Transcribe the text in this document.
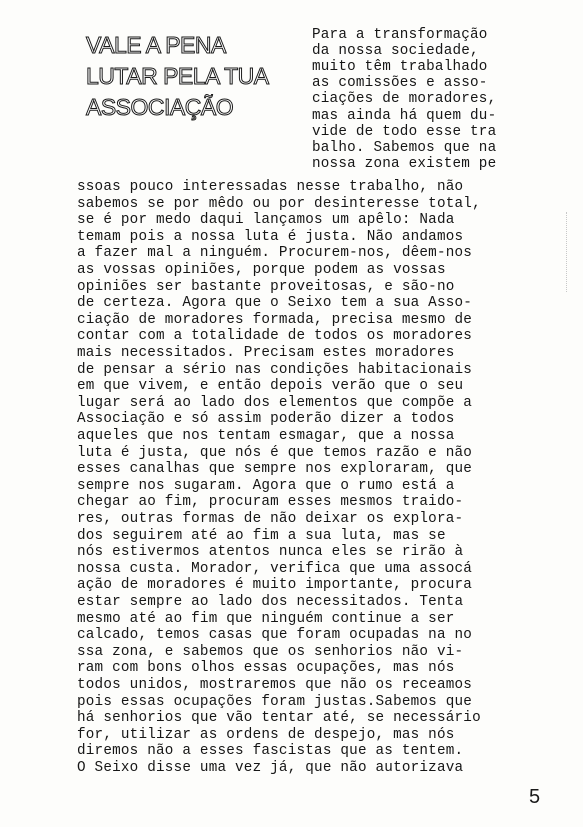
VALE A PENA
LUTAR PELA TUA
ASSOCIAÇÃO
Para a transformação
da nossa sociedade,
muito têm trabalhado
as comissões e asso-
ciações de moradores,
mas ainda há quem du-
vide de todo esse tra
balho. Sabemos que na
nossa zona existem pe
ssoas pouco interessadas nesse trabalho, não
sabemos se por mêdo ou por desinteresse total,
se é por medo daqui lançamos um apêlo: Nada
temam pois a nossa luta é justa. Não andamos
a fazer mal a ninguém. Procurem-nos, dêem-nos
as vossas opiniões, porque podem as vossas
opiniões ser bastante proveitosas, e são-no
de certeza. Agora que o Seixo tem a sua Asso-
ciação de moradores formada, precisa mesmo de
contar com a totalidade de todos os moradores
mais necessitados. Precisam estes moradores
de pensar a sério nas condições habitacionais
em que vivem, e então depois verão que o seu
lugar será ao lado dos elementos que compõe a
Associação e só assim poderão dizer a todos
aqueles que nos tentam esmagar, que a nossa
luta é justa, que nós é que temos razão e não
esses canalhas que sempre nos exploraram, que
sempre nos sugaram. Agora que o rumo está a
chegar ao fim, procuram esses mesmos traido-
res, outras formas de não deixar os explora-
dos seguirem até ao fim a sua luta, mas se
nós estivermos atentos nunca eles se rirão à
nossa custa. Morador, verifica que uma assocá
ação de moradores é muito importante, procura
estar sempre ao lado dos necessitados. Tenta
mesmo até ao fim que ninguém continue a ser
calcado, temos casas que foram ocupadas na no
ssa zona, e sabemos que os senhorios não vi-
ram com bons olhos essas ocupações, mas nós
todos unidos, mostraremos que não os receamos
pois essas ocupações foram justas.Sabemos que
há senhorios que vão tentar até, se necessário
for, utilizar as ordens de despejo, mas nós
diremos não a esses fascistas que as tentem.
O Seixo disse uma vez já, que não autorizava
5
